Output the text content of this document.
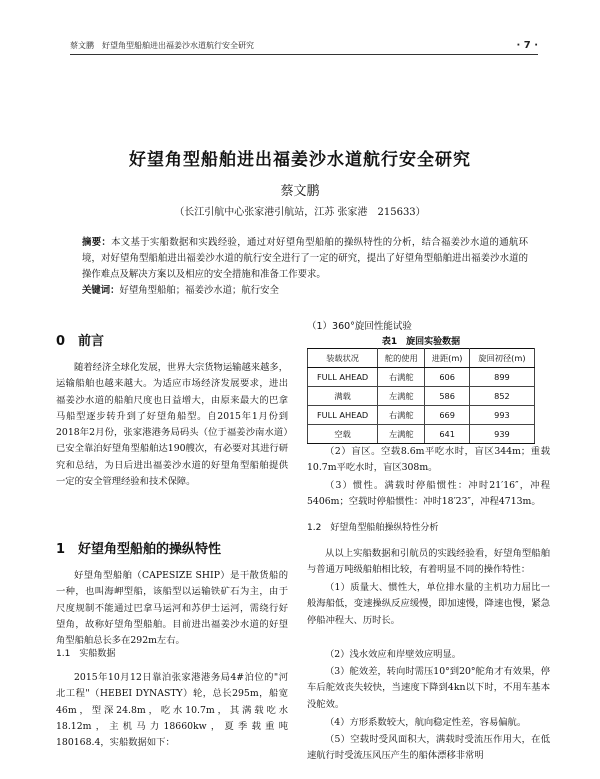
蔡文鹏　好望角型船舶进出福姜沙水道航行安全研究	· 7 ·
好望角型船舶进出福姜沙水道航行安全研究
蔡文鹏
（长江引航中心张家港引航站，江苏 张家港　215633）
摘要：本文基于实船数据和实践经验，通过对好望角型船舶的操纵特性的分析，结合福姜沙水道的通航环境，对好望角型船舶进出福姜沙水道的航行安全进行了一定的研究，提出了好望角型船舶进出福姜沙水道的操作难点及解决方案以及相应的安全措施和准备工作要求。
关键词：好望角型船舶；福姜沙水道；航行安全
0　前言

随着经济全球化发展，世界大宗货物运输越来越多，运输船舶也越来越大。为适应市场经济发展要求，进出福姜沙水道的船舶尺度也日益增大，由原来最大的巴拿马船型逐步转升到了好望角船型。自2015年1月份到2018年2月份，张家港港务局码头（位于福姜沙南水道）已安全靠泊好望角型船舶达190艘次，有必要对其进行研究和总结，为日后进出福姜沙水道的好望角型船舶提供一定的安全管理经验和技术保障。

1　好望角型船舶的操纵特性

好望角型船舶（CAPESIZE SHIP）是干散货船的一种，也叫海岬型船，该船型以运输铁矿石为主，由于尺度规制不能通过巴拿马运河和苏伊士运河，需绕行好望角，故称好望角型船舶。目前进出福姜沙水道的好望角型船舶总长多在292m左右。

1.1　实船数据

2015年10月12日靠泊张家港港务局4#泊位的"河北工程"（HEBEI DYNASTY）轮，总长295m，船宽46m，型深24.8m，吃水10.7m，其满载吃水18.12m，主机马力18660kw，夏季载重吨180168.4，实船数据如下：

（1）360°旋回性能试验
表1　旋回实验数据
装载状况	舵的使用	进距(m)	旋回初径(m)
FULL AHEAD	右满舵	606	899
满载	左满舵	586	852
FULL AHEAD	右满舵	669	993
空载	左满舵	641	939

（2）盲区。空载8.6m平吃水时，盲区344m；重载10.7m平吃水时，盲区308m。

（3）惯性。满载时停船惯性：冲时21′16″，冲程5406m；空载时停船惯性：冲时18′23″，冲程4713m。

1.2　好望角型船舶操纵特性分析

从以上实船数据和引航员的实践经验看，好望角型船舶与普通万吨级船舶相比较，有着明显不同的操作特性：

（1）质量大、惯性大，单位排水量的主机功力屈比一般海船低，变速操纵反应缓慢，即加速慢，降速也慢，紧急停船冲程大、历时长。

（2）浅水效应和岸壁效应明显。

（3）舵效差，转向时需压10°到20°舵角才有效果，停车后舵效丧失较快，当速度下降到4kn以下时，不用车基本没舵效。

（4）方形系数较大，航向稳定性差，容易偏航。

（5）空载时受风面积大，满载时受流压作用大，在低速航行时受流压风压产生的船体漂移非常明
